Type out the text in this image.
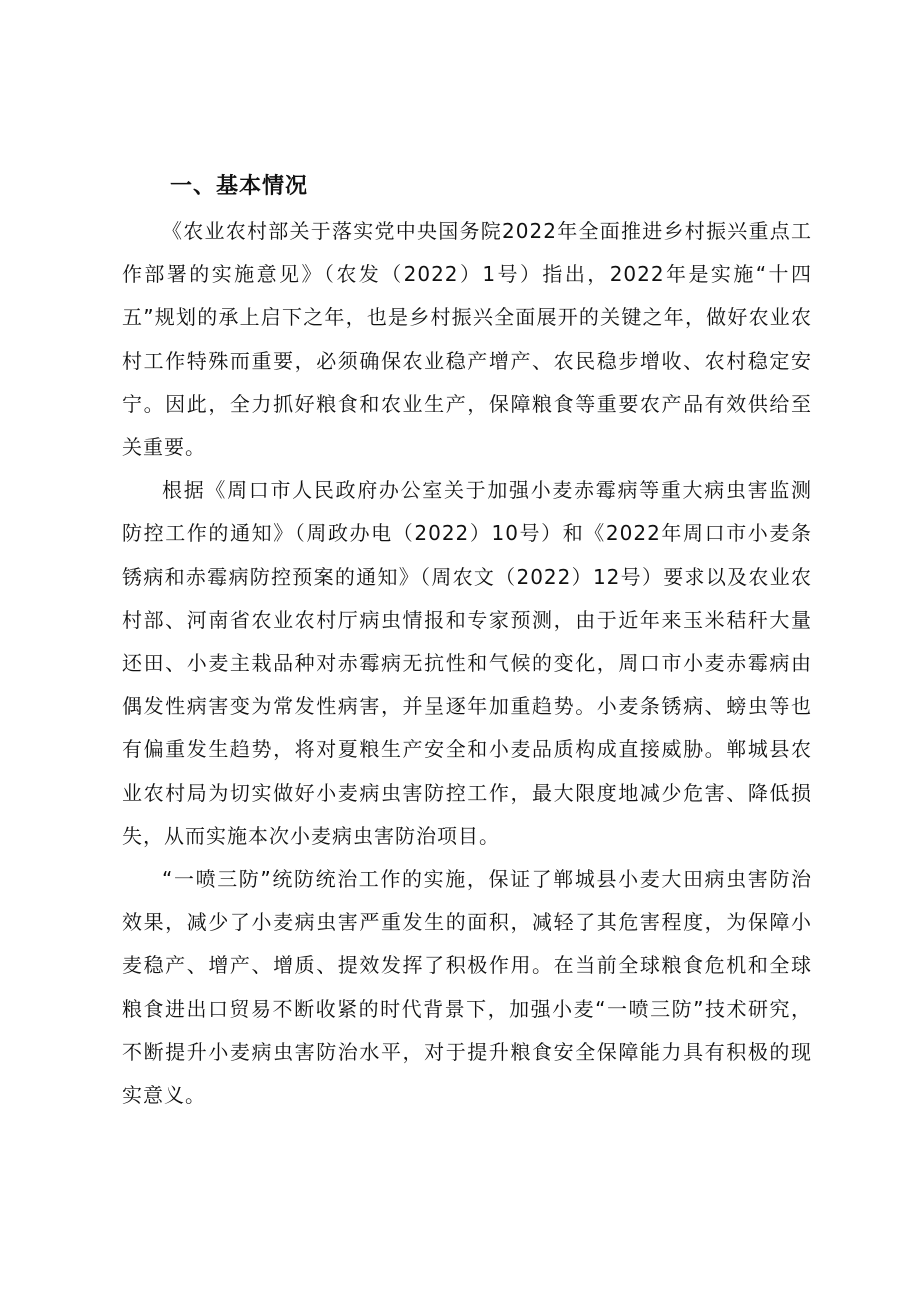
一、基本情况

《农业农村部关于落实党中央国务院2022年全面推进乡村振兴重点工作部署的实施意见》（农发（2022）1号）指出，2022年是实施“十四五”规划的承上启下之年，也是乡村振兴全面展开的关键之年，做好农业农村工作特殊而重要，必须确保农业稳产增产、农民稳步增收、农村稳定安宁。因此，全力抓好粮食和农业生产，保障粮食等重要农产品有效供给至关重要。

根据《周口市人民政府办公室关于加强小麦赤霉病等重大病虫害监测防控工作的通知》（周政办电（2022）10号）和《2022年周口市小麦条锈病和赤霉病防控预案的通知》（周农文（2022）12号）要求以及农业农村部、河南省农业农村厅病虫情报和专家预测，由于近年来玉米秸秆大量还田、小麦主栽品种对赤霉病无抗性和气候的变化，周口市小麦赤霉病由偶发性病害变为常发性病害，并呈逐年加重趋势。小麦条锈病、螃虫等也有偏重发生趋势，将对夏粮生产安全和小麦品质构成直接威胁。郸城县农业农村局为切实做好小麦病虫害防控工作，最大限度地减少危害、降低损失，从而实施本次小麦病虫害防治项目。

“一喷三防”统防统治工作的实施，保证了郸城县小麦大田病虫害防治效果，减少了小麦病虫害严重发生的面积，减轻了其危害程度，为保障小麦稳产、增产、增质、提效发挥了积极作用。在当前全球粮食危机和全球粮食进出口贸易不断收紧的时代背景下，加强小麦“一喷三防”技术研究，不断提升小麦病虫害防治水平，对于提升粮食安全保障能力具有积极的现实意义。
